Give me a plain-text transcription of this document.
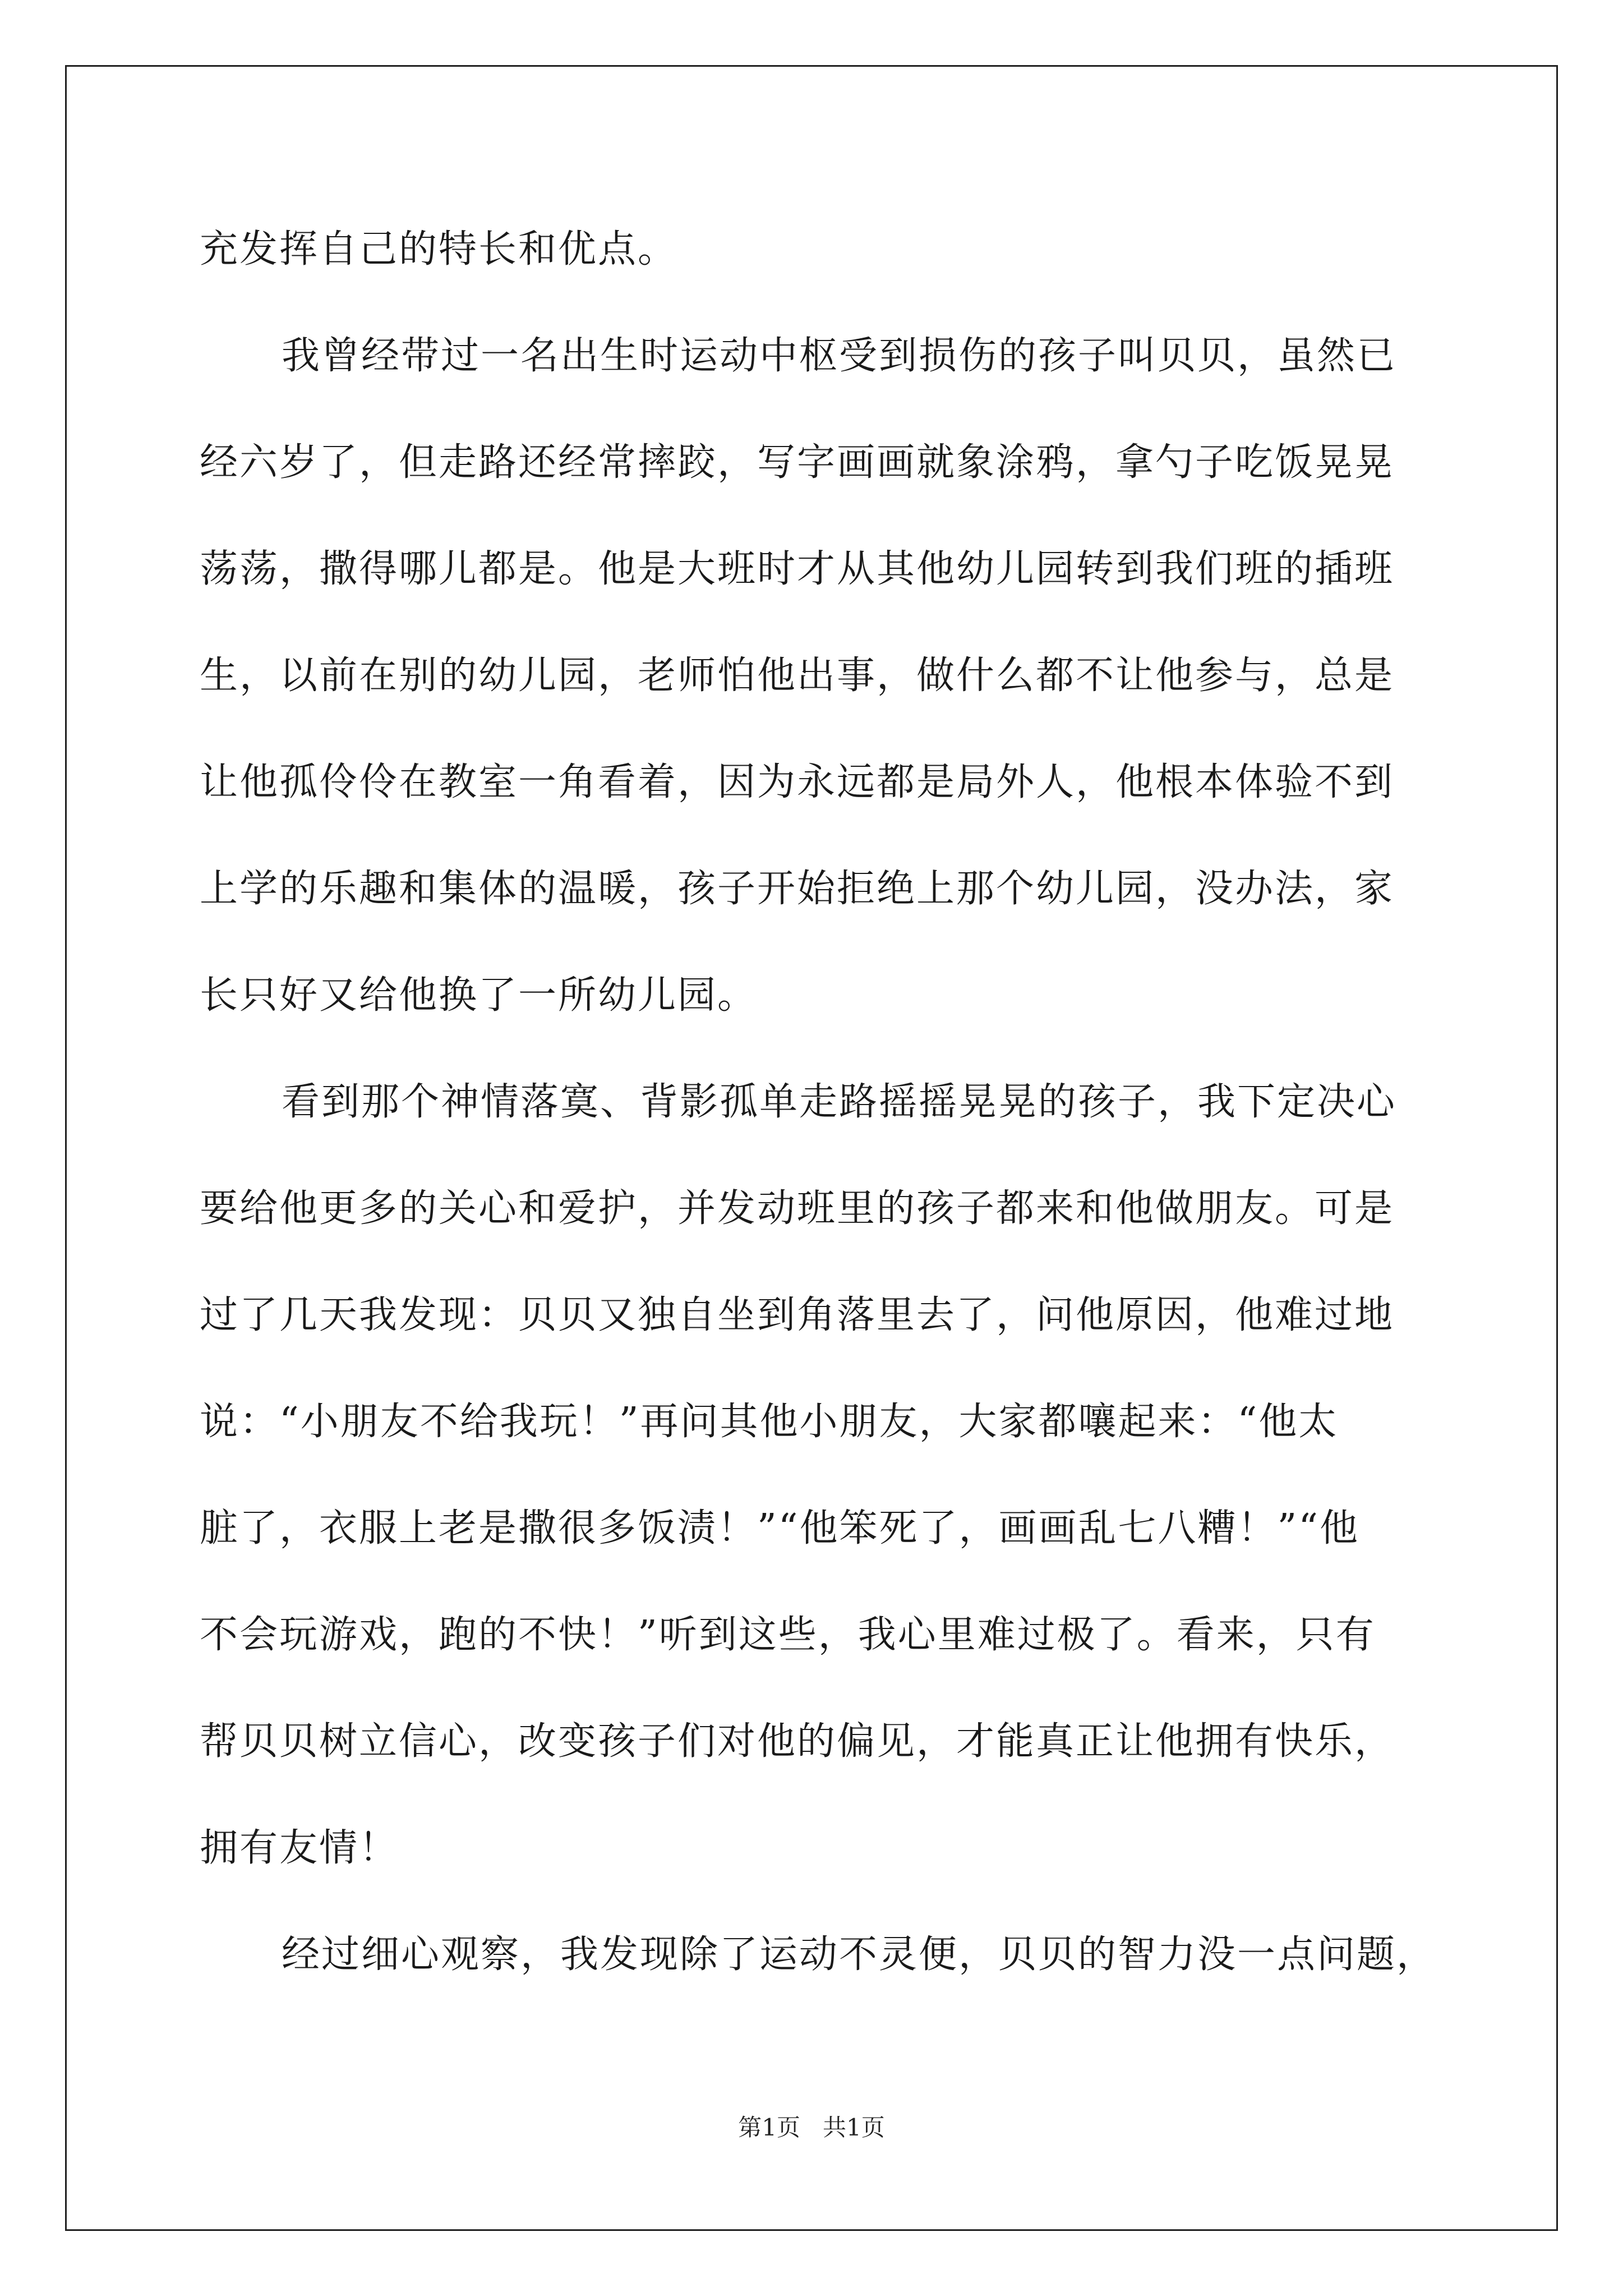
充发挥自己的特长和优点。
我曾经带过一名出生时运动中枢受到损伤的孩子叫贝贝，虽然已
经六岁了，但走路还经常摔跤，写字画画就象涂鸦，拿勺子吃饭晃晃
荡荡，撒得哪儿都是。他是大班时才从其他幼儿园转到我们班的插班
生，以前在别的幼儿园，老师怕他出事，做什么都不让他参与，总是
让他孤伶伶在教室一角看着，因为永远都是局外人，他根本体验不到
上学的乐趣和集体的温暖，孩子开始拒绝上那个幼儿园，没办法，家
长只好又给他换了一所幼儿园。
看到那个神情落寞、背影孤单走路摇摇晃晃的孩子，我下定决心
要给他更多的关心和爱护，并发动班里的孩子都来和他做朋友。可是
过了几天我发现：贝贝又独自坐到角落里去了，问他原因，他难过地
说：“小朋友不给我玩！”再问其他小朋友，大家都嚷起来：“他太
脏了，衣服上老是撒很多饭渍！”“他笨死了，画画乱七八糟！”“他
不会玩游戏，跑的不快！”听到这些，我心里难过极了。看来，只有
帮贝贝树立信心，改变孩子们对他的偏见，才能真正让他拥有快乐，
拥有友情！
经过细心观察，我发现除了运动不灵便，贝贝的智力没一点问题，
第1页   共1页
